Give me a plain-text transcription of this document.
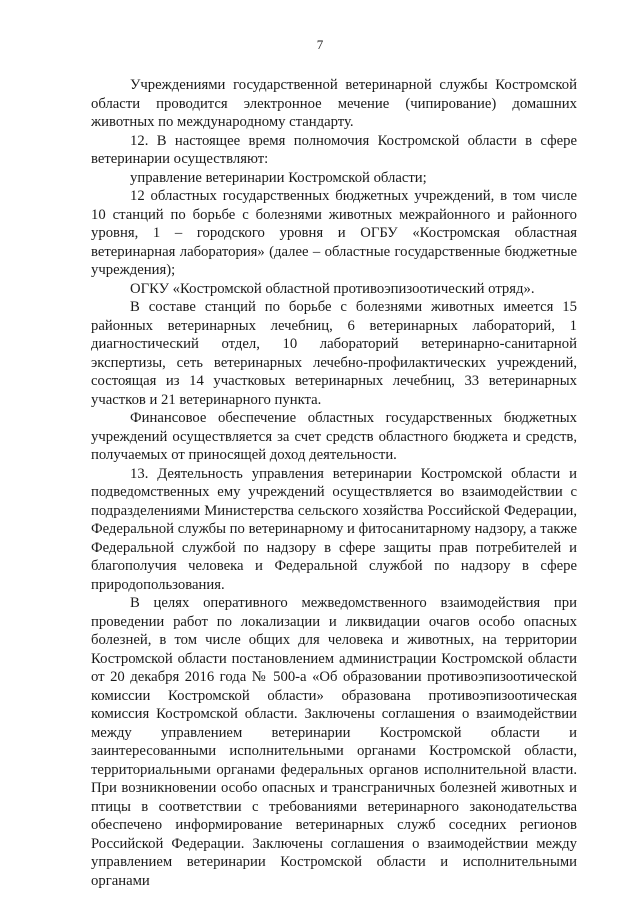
7

Учреждениями государственной ветеринарной службы Костромской области проводится электронное мечение (чипирование) домашних животных по международному стандарту.

12. В настоящее время полномочия Костромской области в сфере ветеринарии осуществляют:

управление ветеринарии Костромской области;

12 областных государственных бюджетных учреждений, в том числе 10 станций по борьбе с болезнями животных межрайонного и районного уровня, 1 – городского уровня и ОГБУ «Костромская областная ветеринарная лаборатория» (далее – областные государственные бюджетные учреждения);

ОГКУ «Костромской областной противоэпизоотический отряд».

В составе станций по борьбе с болезнями животных имеется 15 районных ветеринарных лечебниц, 6 ветеринарных лабораторий, 1 диагностический отдел, 10 лабораторий ветеринарно-санитарной экспертизы, сеть ветеринарных лечебно-профилактических учреждений, состоящая из 14 участковых ветеринарных лечебниц, 33 ветеринарных участков и 21 ветеринарного пункта.

Финансовое обеспечение областных государственных бюджетных учреждений осуществляется за счет средств областного бюджета и средств, получаемых от приносящей доход деятельности.

13. Деятельность управления ветеринарии Костромской области и подведомственных ему учреждений осуществляется во взаимодействии с подразделениями Министерства сельского хозяйства Российской Федерации, Федеральной службы по ветеринарному и фитосанитарному надзору, а также Федеральной службой по надзору в сфере защиты прав потребителей и благополучия человека и Федеральной службой по надзору в сфере природопользования.

В целях оперативного межведомственного взаимодействия при проведении работ по локализации и ликвидации очагов особо опасных болезней, в том числе общих для человека и животных, на территории Костромской области постановлением администрации Костромской области от 20 декабря 2016 года № 500-а «Об образовании противоэпизоотической комиссии Костромской области» образована противоэпизоотическая комиссия Костромской области. Заключены соглашения о взаимодействии между управлением ветеринарии Костромской области и заинтересованными исполнительными органами Костромской области, территориальными органами федеральных органов исполнительной власти. При возникновении особо опасных и трансграничных болезней животных и птицы в соответствии с требованиями ветеринарного законодательства обеспечено информирование ветеринарных служб соседних регионов Российской Федерации. Заключены соглашения о взаимодействии между управлением ветеринарии Костромской области и исполнительными органами
